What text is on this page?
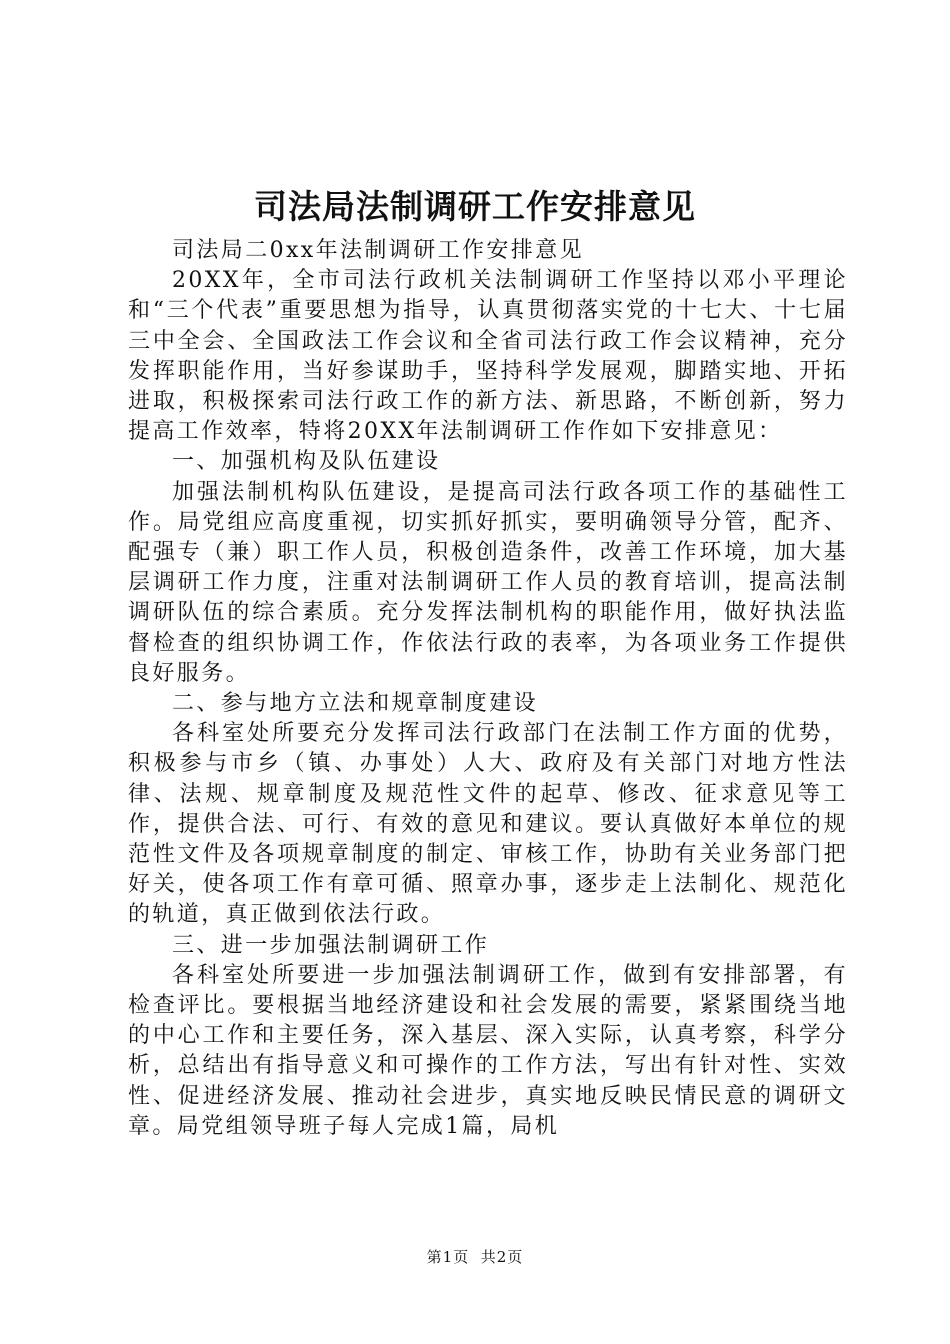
司法局法制调研工作安排意见

司法局二0xx年法制调研工作安排意见

20XX年，全市司法行政机关法制调研工作坚持以邓小平理论和“三个代表”重要思想为指导，认真贯彻落实党的十七大、十七届三中全会、全国政法工作会议和全省司法行政工作会议精神，充分发挥职能作用，当好参谋助手，坚持科学发展观，脚踏实地、开拓进取，积极探索司法行政工作的新方法、新思路，不断创新，努力提高工作效率，特将20XX年法制调研工作作如下安排意见：

一、加强机构及队伍建设

加强法制机构队伍建设，是提高司法行政各项工作的基础性工作。局党组应高度重视，切实抓好抓实，要明确领导分管，配齐、配强专（兼）职工作人员，积极创造条件，改善工作环境，加大基层调研工作力度，注重对法制调研工作人员的教育培训，提高法制调研队伍的综合素质。充分发挥法制机构的职能作用，做好执法监督检查的组织协调工作，作依法行政的表率，为各项业务工作提供良好服务。

二、参与地方立法和规章制度建设

各科室处所要充分发挥司法行政部门在法制工作方面的优势，积极参与市乡（镇、办事处）人大、政府及有关部门对地方性法律、法规、规章制度及规范性文件的起草、修改、征求意见等工作，提供合法、可行、有效的意见和建议。要认真做好本单位的规范性文件及各项规章制度的制定、审核工作，协助有关业务部门把好关，使各项工作有章可循、照章办事，逐步走上法制化、规范化的轨道，真正做到依法行政。

三、进一步加强法制调研工作

各科室处所要进一步加强法制调研工作，做到有安排部署，有检查评比。要根据当地经济建设和社会发展的需要，紧紧围绕当地的中心工作和主要任务，深入基层、深入实际，认真考察，科学分析，总结出有指导意义和可操作的工作方法，写出有针对性、实效性、促进经济发展、推动社会进步，真实地反映民情民意的调研文章。局党组领导班子每人完成1篇，局机

第1页 共2页
